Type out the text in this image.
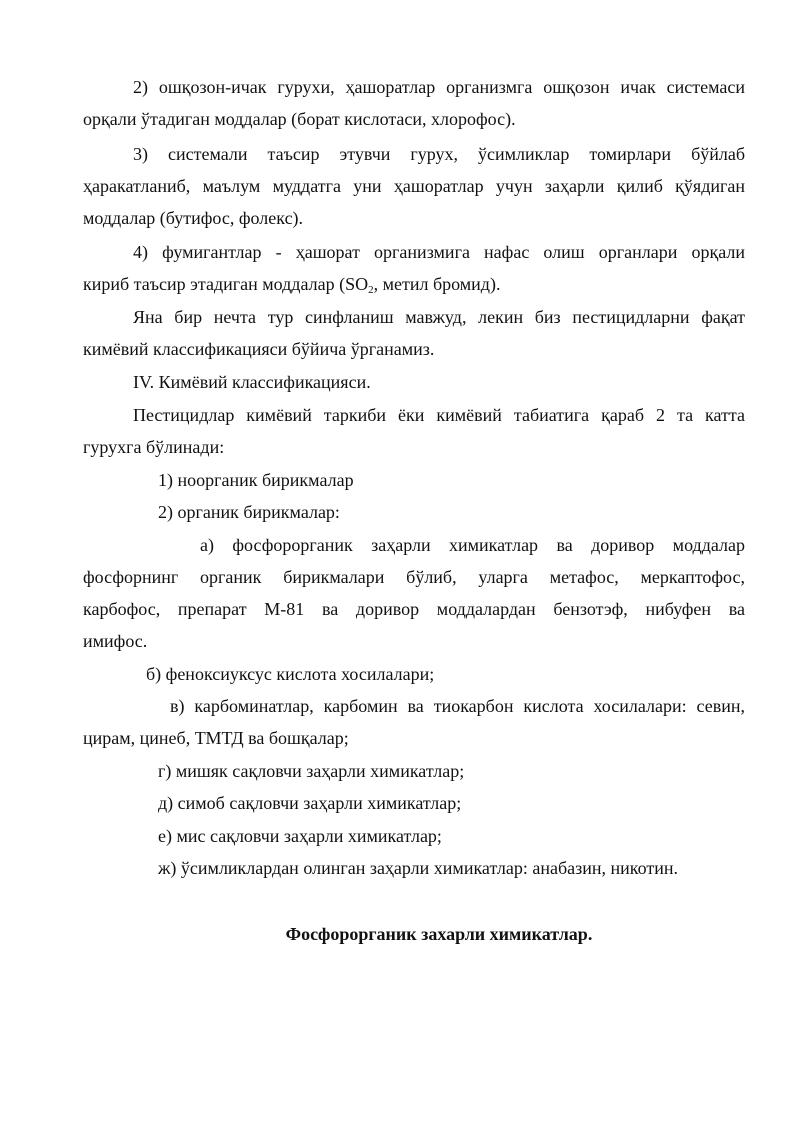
2) ошқозон-ичак гурухи, ҳашоратлар организмга ошқозон ичак системаси
орқали ўтадиган моддалар (борат кислотаси, хлорофос).
3) системали таъсир этувчи гурух, ўсимликлар томирлари бўйлаб
ҳаракатланиб, маълум муддатга уни ҳашоратлар учун заҳарли қилиб қўядиган
моддалар (бутифос, фолекс).
4) фумигантлар - ҳашорат организмига нафас олиш органлари орқали
кириб таъсир этадиган моддалар ($SO_2$, метил бромид).
Яна бир нечта тур синфланиш мавжуд, лекин биз пестицидларни фақат
кимёвий классификацияси бўйича ўрганамиз.
IV. Кимёвий классификацияси.
Пестицидлар кимёвий таркиби ёки кимёвий табиатига қараб 2 та катта
гурухга бўлинади:
1) ноорганик бирикмалар
2) органик бирикмалар:
а) фосфорорганик заҳарли химикатлар ва доривор моддалар
фосфорнинг органик бирикмалари бўлиб, уларга метафос, меркаптофос,
карбофос, препарат М-81 ва доривор моддалардан бензотэф, нибуфен ва
имифос.
б) феноксиуксус кислота хосилалари;
в) карбоминатлар, карбомин ва тиокарбон кислота хосилалари: севин,
цирам, цинеб, ТМТД ва бошқалар;
г) мишяк сақловчи заҳарли химикатлар;
д) симоб сақловчи заҳарли химикатлар;
е) мис сақловчи заҳарли химикатлар;
ж) ўсимликлардан олинган заҳарли химикатлар: анабазин, никотин.
Фосфорорганик захарли химикатлар.
